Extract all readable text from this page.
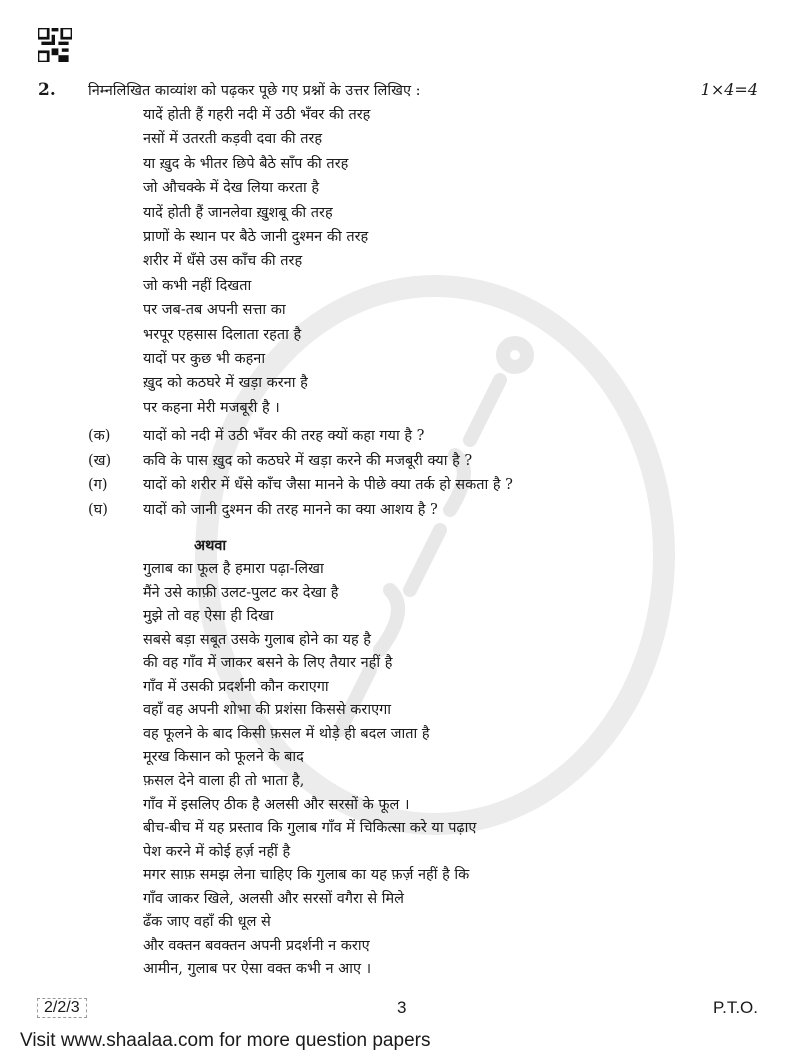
2. निम्नलिखित काव्यांश को पढ़कर पूछे गए प्रश्नों के उत्तर लिखिए :	1×4=4
यादें होती हैं गहरी नदी में उठी भँवर की तरह
नसों में उतरती कड़वी दवा की तरह
या ख़ुद के भीतर छिपे बैठे साँप की तरह
जो औचक्के में देख लिया करता है
यादें होती हैं जानलेवा ख़ुशबू की तरह
प्राणों के स्थान पर बैठे जानी दुश्मन की तरह
शरीर में धँसे उस काँच की तरह
जो कभी नहीं दिखता
पर जब-तब अपनी सत्ता का
भरपूर एहसास दिलाता रहता है
यादों पर कुछ भी कहना
ख़ुद को कठघरे में खड़ा करना है
पर कहना मेरी मजबूरी है ।
(क) यादों को नदी में उठी भँवर की तरह क्यों कहा गया है ?
(ख) कवि के पास ख़ुद को कठघरे में खड़ा करने की मजबूरी क्या है ?
(ग) यादों को शरीर में धँसे काँच जैसा मानने के पीछे क्या तर्क हो सकता है ?
(घ) यादों को जानी दुश्मन की तरह मानने का क्या आशय है ?
अथवा
गुलाब का फूल है हमारा पढ़ा-लिखा
मैंने उसे काफ़ी उलट-पुलट कर देखा है
मुझे तो वह ऐसा ही दिखा
सबसे बड़ा सबूत उसके गुलाब होने का यह है
की वह गाँव में जाकर बसने के लिए तैयार नहीं है
गाँव में उसकी प्रदर्शनी कौन कराएगा
वहाँ वह अपनी शोभा की प्रशंसा किससे कराएगा
वह फूलने के बाद किसी फ़सल में थोड़े ही बदल जाता है
मूरख किसान को फूलने के बाद
फ़सल देने वाला ही तो भाता है,
गाँव में इसलिए ठीक है अलसी और सरसों के फूल ।
बीच-बीच में यह प्रस्ताव कि गुलाब गाँव में चिकित्सा करे या पढ़ाए
पेश करने में कोई हर्ज़ नहीं है
मगर साफ़ समझ लेना चाहिए कि गुलाब का यह फ़र्ज़ नहीं है कि
गाँव जाकर खिले, अलसी और सरसों वगैरा से मिले
ढँक जाए वहाँ की धूल से
और वक्तन बवक्तन अपनी प्रदर्शनी न कराए
आमीन, गुलाब पर ऐसा वक्त कभी न आए ।
2/2/3	3	P.T.O.
Visit www.shaalaa.com for more question papers
